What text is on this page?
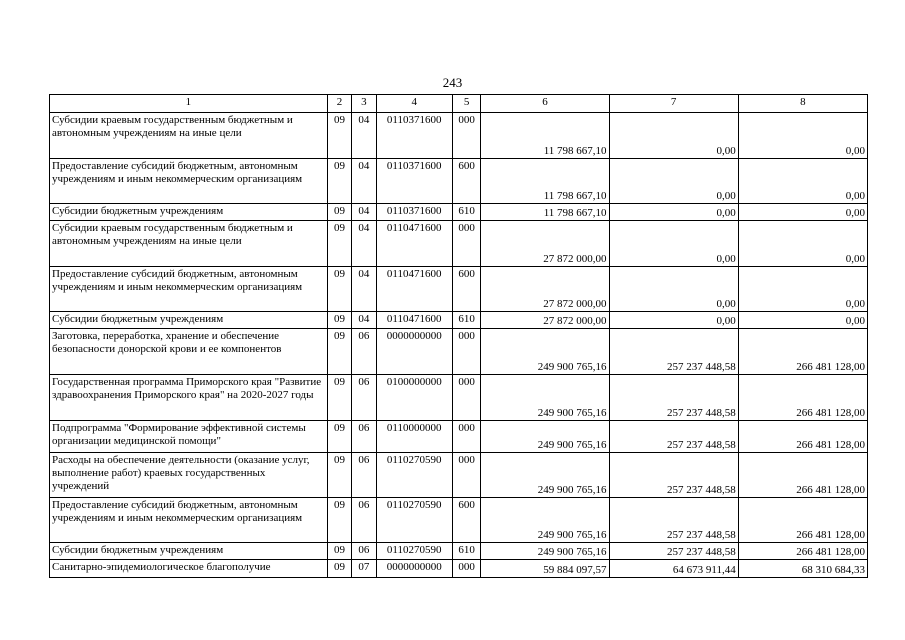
243
1	2	3	4	5	6	7	8
Субсидии краевым государственным бюджетным и автономным учреждениям на иные цели	09	04	0110371600	000	11 798 667,10	0,00	0,00
Предоставление субсидий бюджетным, автономным учреждениям и иным некоммерческим организациям	09	04	0110371600	600	11 798 667,10	0,00	0,00
Субсидии бюджетным учреждениям	09	04	0110371600	610	11 798 667,10	0,00	0,00
Субсидии краевым государственным бюджетным и автономным учреждениям на иные цели	09	04	0110471600	000	27 872 000,00	0,00	0,00
Предоставление субсидий бюджетным, автономным учреждениям и иным некоммерческим организациям	09	04	0110471600	600	27 872 000,00	0,00	0,00
Субсидии бюджетным учреждениям	09	04	0110471600	610	27 872 000,00	0,00	0,00
Заготовка, переработка, хранение и обеспечение безопасности донорской крови и ее компонентов	09	06	0000000000	000	249 900 765,16	257 237 448,58	266 481 128,00
Государственная программа Приморского края "Развитие здравоохранения Приморского края" на 2020-2027 годы	09	06	0100000000	000	249 900 765,16	257 237 448,58	266 481 128,00
Подпрограмма "Формирование эффективной системы организации медицинской помощи"	09	06	0110000000	000	249 900 765,16	257 237 448,58	266 481 128,00
Расходы на обеспечение деятельности (оказание услуг, выполнение работ) краевых государственных учреждений	09	06	0110270590	000	249 900 765,16	257 237 448,58	266 481 128,00
Предоставление субсидий бюджетным, автономным учреждениям и иным некоммерческим организациям	09	06	0110270590	600	249 900 765,16	257 237 448,58	266 481 128,00
Субсидии бюджетным учреждениям	09	06	0110270590	610	249 900 765,16	257 237 448,58	266 481 128,00
Санитарно-эпидемиологическое благополучие	09	07	0000000000	000	59 884 097,57	64 673 911,44	68 310 684,33
